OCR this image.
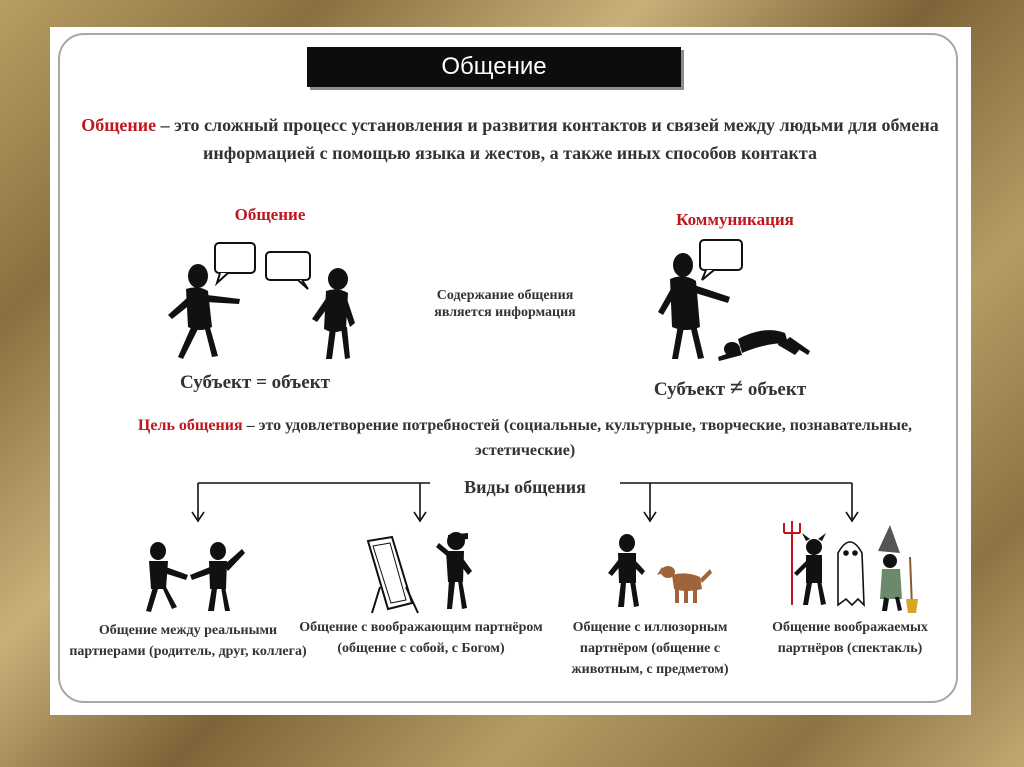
Общение
Общение – это сложный процесс установления и развития контактов и связей между людьми для обмена информацией с помощью языка и жестов, а также иных способов контакта
Общение	Коммуникация
Содержание общения
является информация
Субъект = объект	Субъект ≠ объект
Цель общения – это удовлетворение потребностей (социальные, культурные, творческие, познавательные, эстетические)
Виды общения
Общение между реальными партнерами (родитель, друг, коллега)
Общение с воображающим партнёром (общение с собой, с Богом)
Общение с иллюзорным партнёром (общение с животным, с предметом)
Общение воображаемых партнёров (спектакль)
